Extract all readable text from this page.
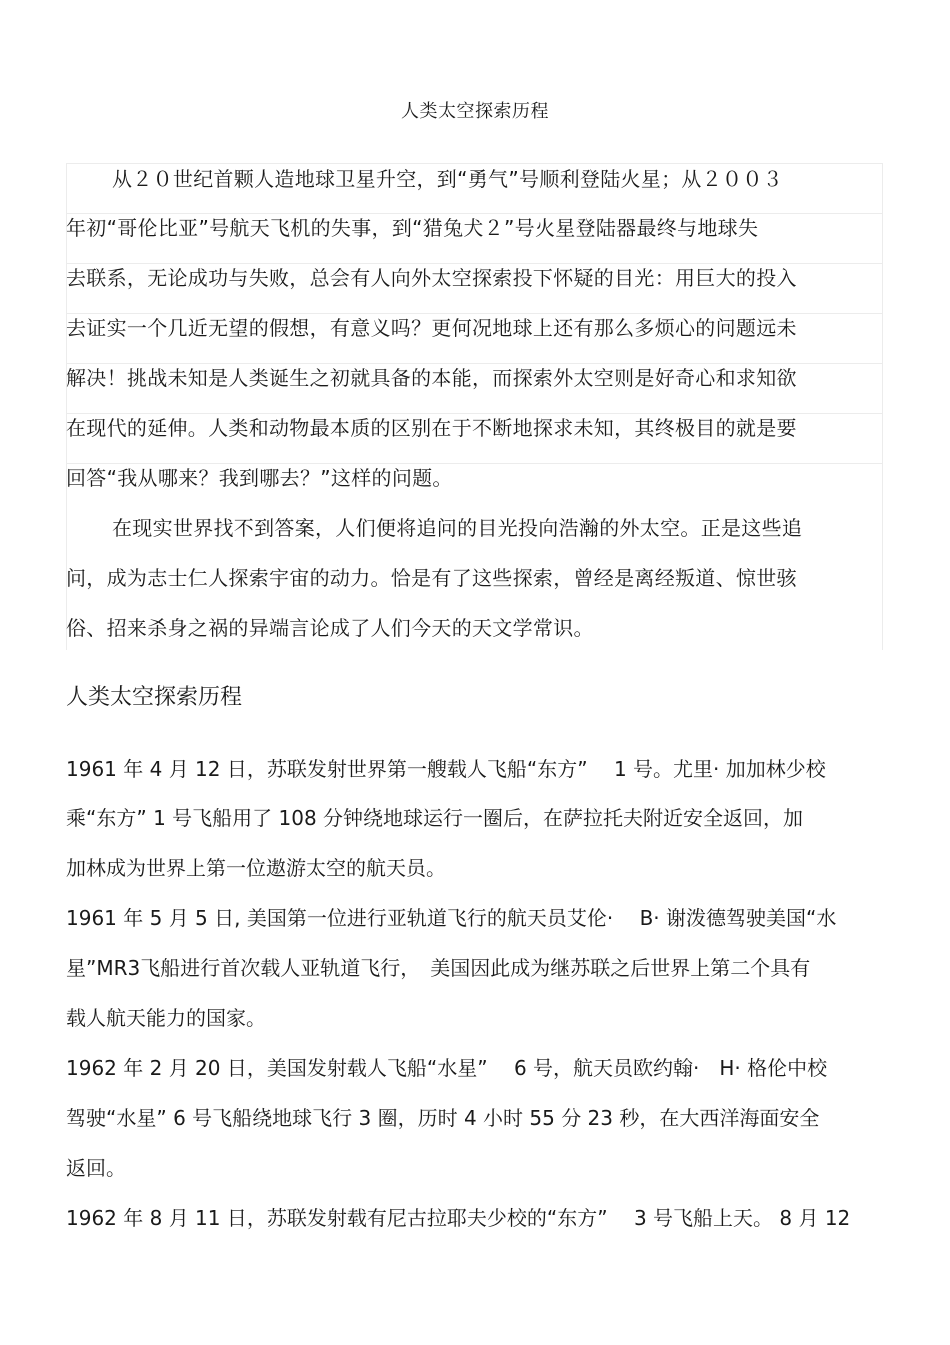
人类太空探索历程
从２０世纪首颗人造地球卫星升空，到“勇气”号顺利登陆火星；从２００３
年初“哥伦比亚”号航天飞机的失事，到“猎兔犬２”号火星登陆器最终与地球失
去联系，无论成功与失败，总会有人向外太空探索投下怀疑的目光：用巨大的投入
去证实一个几近无望的假想，有意义吗？更何况地球上还有那么多烦心的问题远未
解决！挑战未知是人类诞生之初就具备的本能，而探索外太空则是好奇心和求知欲
在现代的延伸。人类和动物最本质的区别在于不断地探求未知，其终极目的就是要
回答“我从哪来？我到哪去？”这样的问题。
在现实世界找不到答案，人们便将追问的目光投向浩瀚的外太空。正是这些追
问，成为志士仁人探索宇宙的动力。恰是有了这些探索，曾经是离经叛道、惊世骇
俗、招来杀身之祸的异端言论成了人们今天的天文学常识。
人类太空探索历程
1961 年 4 月 12 日，苏联发射世界第一艘载人飞船“东方”　 1 号。尤里· 加加林少校
乘“东方” 1 号飞船用了 108 分钟绕地球运行一圈后，在萨拉托夫附近安全返回，加
加林成为世界上第一位遨游太空的航天员。
1961 年 5 月 5 日, 美国第一位进行亚轨道飞行的航天员艾伦·　 B· 谢泼德驾驶美国“水
星”MR3飞船进行首次载人亚轨道飞行，　美国因此成为继苏联之后世界上第二个具有
载人航天能力的国家。
1962 年 2 月 20 日，美国发射载人飞船“水星”　 6 号，航天员欧约翰·　H· 格伦中校
驾驶“水星” 6 号飞船绕地球飞行 3 圈，历时 4 小时 55 分 23 秒，在大西洋海面安全
返回。
1962 年 8 月 11 日，苏联发射载有尼古拉耶夫少校的“东方”　 3 号飞船上天。 8 月 12
